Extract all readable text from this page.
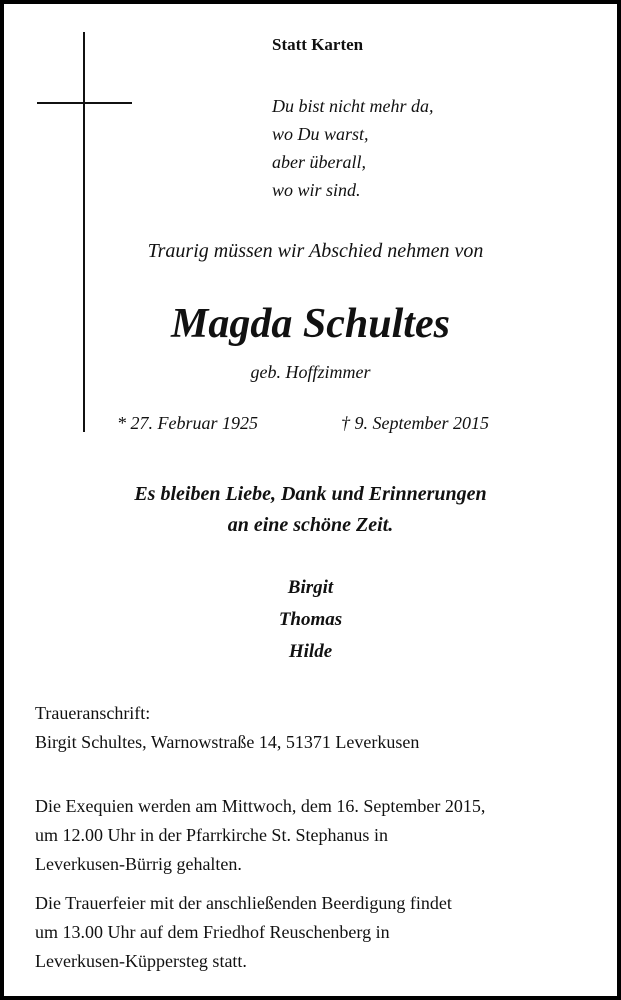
Statt Karten
Du bist nicht mehr da,
wo Du warst,
aber überall,
wo wir sind.
Traurig müssen wir Abschied nehmen von
Magda Schultes
geb. Hoffzimmer
* 27. Februar 1925	† 9. September 2015
Es bleiben Liebe, Dank und Erinnerungen
an eine schöne Zeit.
Birgit
Thomas
Hilde
Traueranschrift:
Birgit Schultes, Warnowstraße 14, 51371 Leverkusen
Die Exequien werden am Mittwoch, dem 16. September 2015,
um 12.00 Uhr in der Pfarrkirche St. Stephanus in
Leverkusen-Bürrig gehalten.
Die Trauerfeier mit der anschließenden Beerdigung findet
um 13.00 Uhr auf dem Friedhof Reuschenberg in
Leverkusen-Küppersteg statt.
